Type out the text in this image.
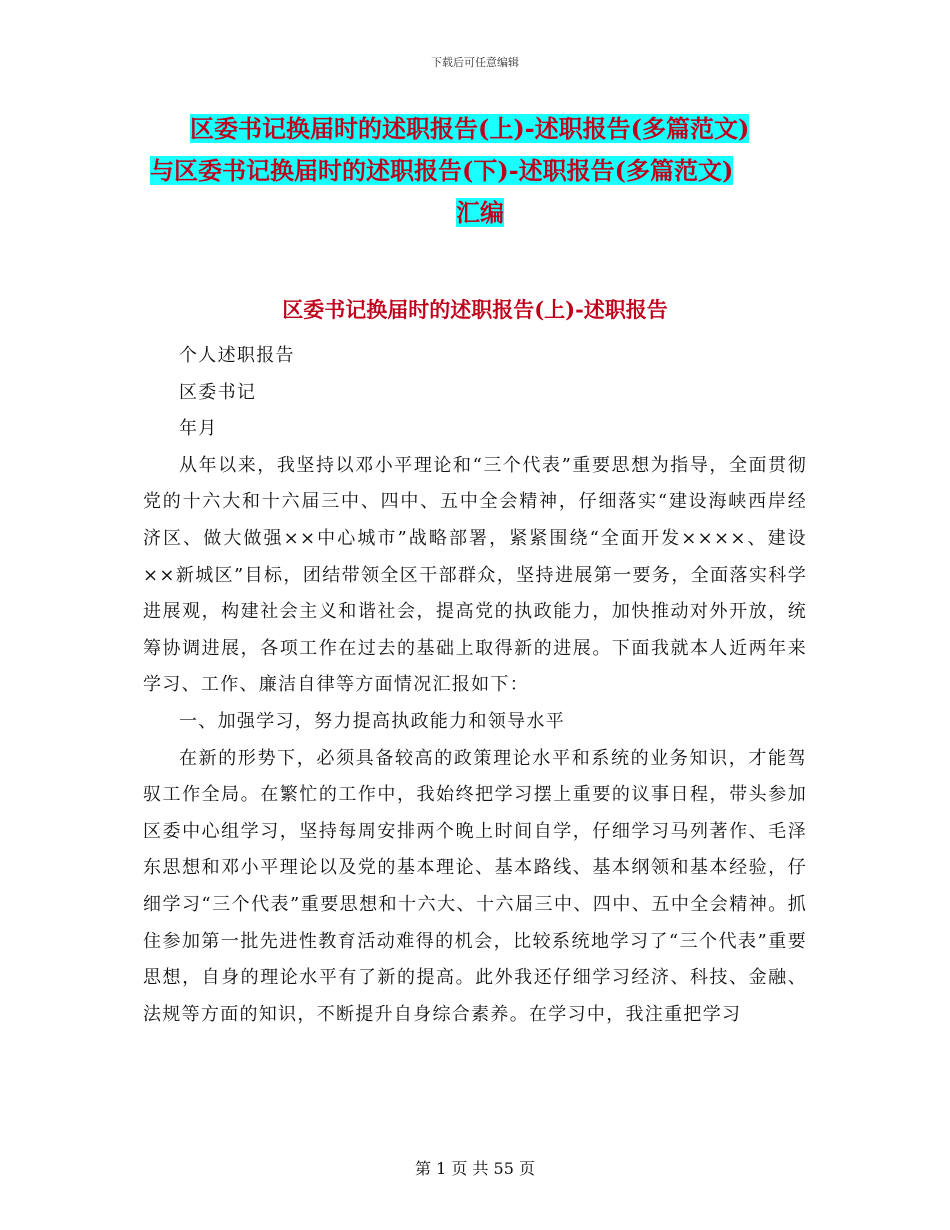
下载后可任意编辑
区委书记换届时的述职报告(上)-述职报告(多篇范文)
与区委书记换届时的述职报告(下)-述职报告(多篇范文)
汇编
区委书记换届时的述职报告(上)-述职报告

个人述职报告

区委书记

年月

从年以来，我坚持以邓小平理论和“三个代表”重要思想为指导，全面贯彻党的十六大和十六届三中、四中、五中全会精神，仔细落实“建设海峡西岸经济区、做大做强××中心城市”战略部署，紧紧围绕“全面开发××××、建设××新城区”目标，团结带领全区干部群众，坚持进展第一要务，全面落实科学进展观，构建社会主义和谐社会，提高党的执政能力，加快推动对外开放，统筹协调进展，各项工作在过去的基础上取得新的进展。下面我就本人近两年来学习、工作、廉洁自律等方面情况汇报如下：

一、加强学习，努力提高执政能力和领导水平

在新的形势下，必须具备较高的政策理论水平和系统的业务知识，才能驾驭工作全局。在繁忙的工作中，我始终把学习摆上重要的议事日程，带头参加区委中心组学习，坚持每周安排两个晚上时间自学，仔细学习马列著作、毛泽东思想和邓小平理论以及党的基本理论、基本路线、基本纲领和基本经验，仔细学习“三个代表”重要思想和十六大、十六届三中、四中、五中全会精神。抓住参加第一批先进性教育活动难得的机会，比较系统地学习了“三个代表”重要思想，自身的理论水平有了新的提高。此外我还仔细学习经济、科技、金融、法规等方面的知识，不断提升自身综合素养。在学习中，我注重把学习

第 1 页 共 55 页
